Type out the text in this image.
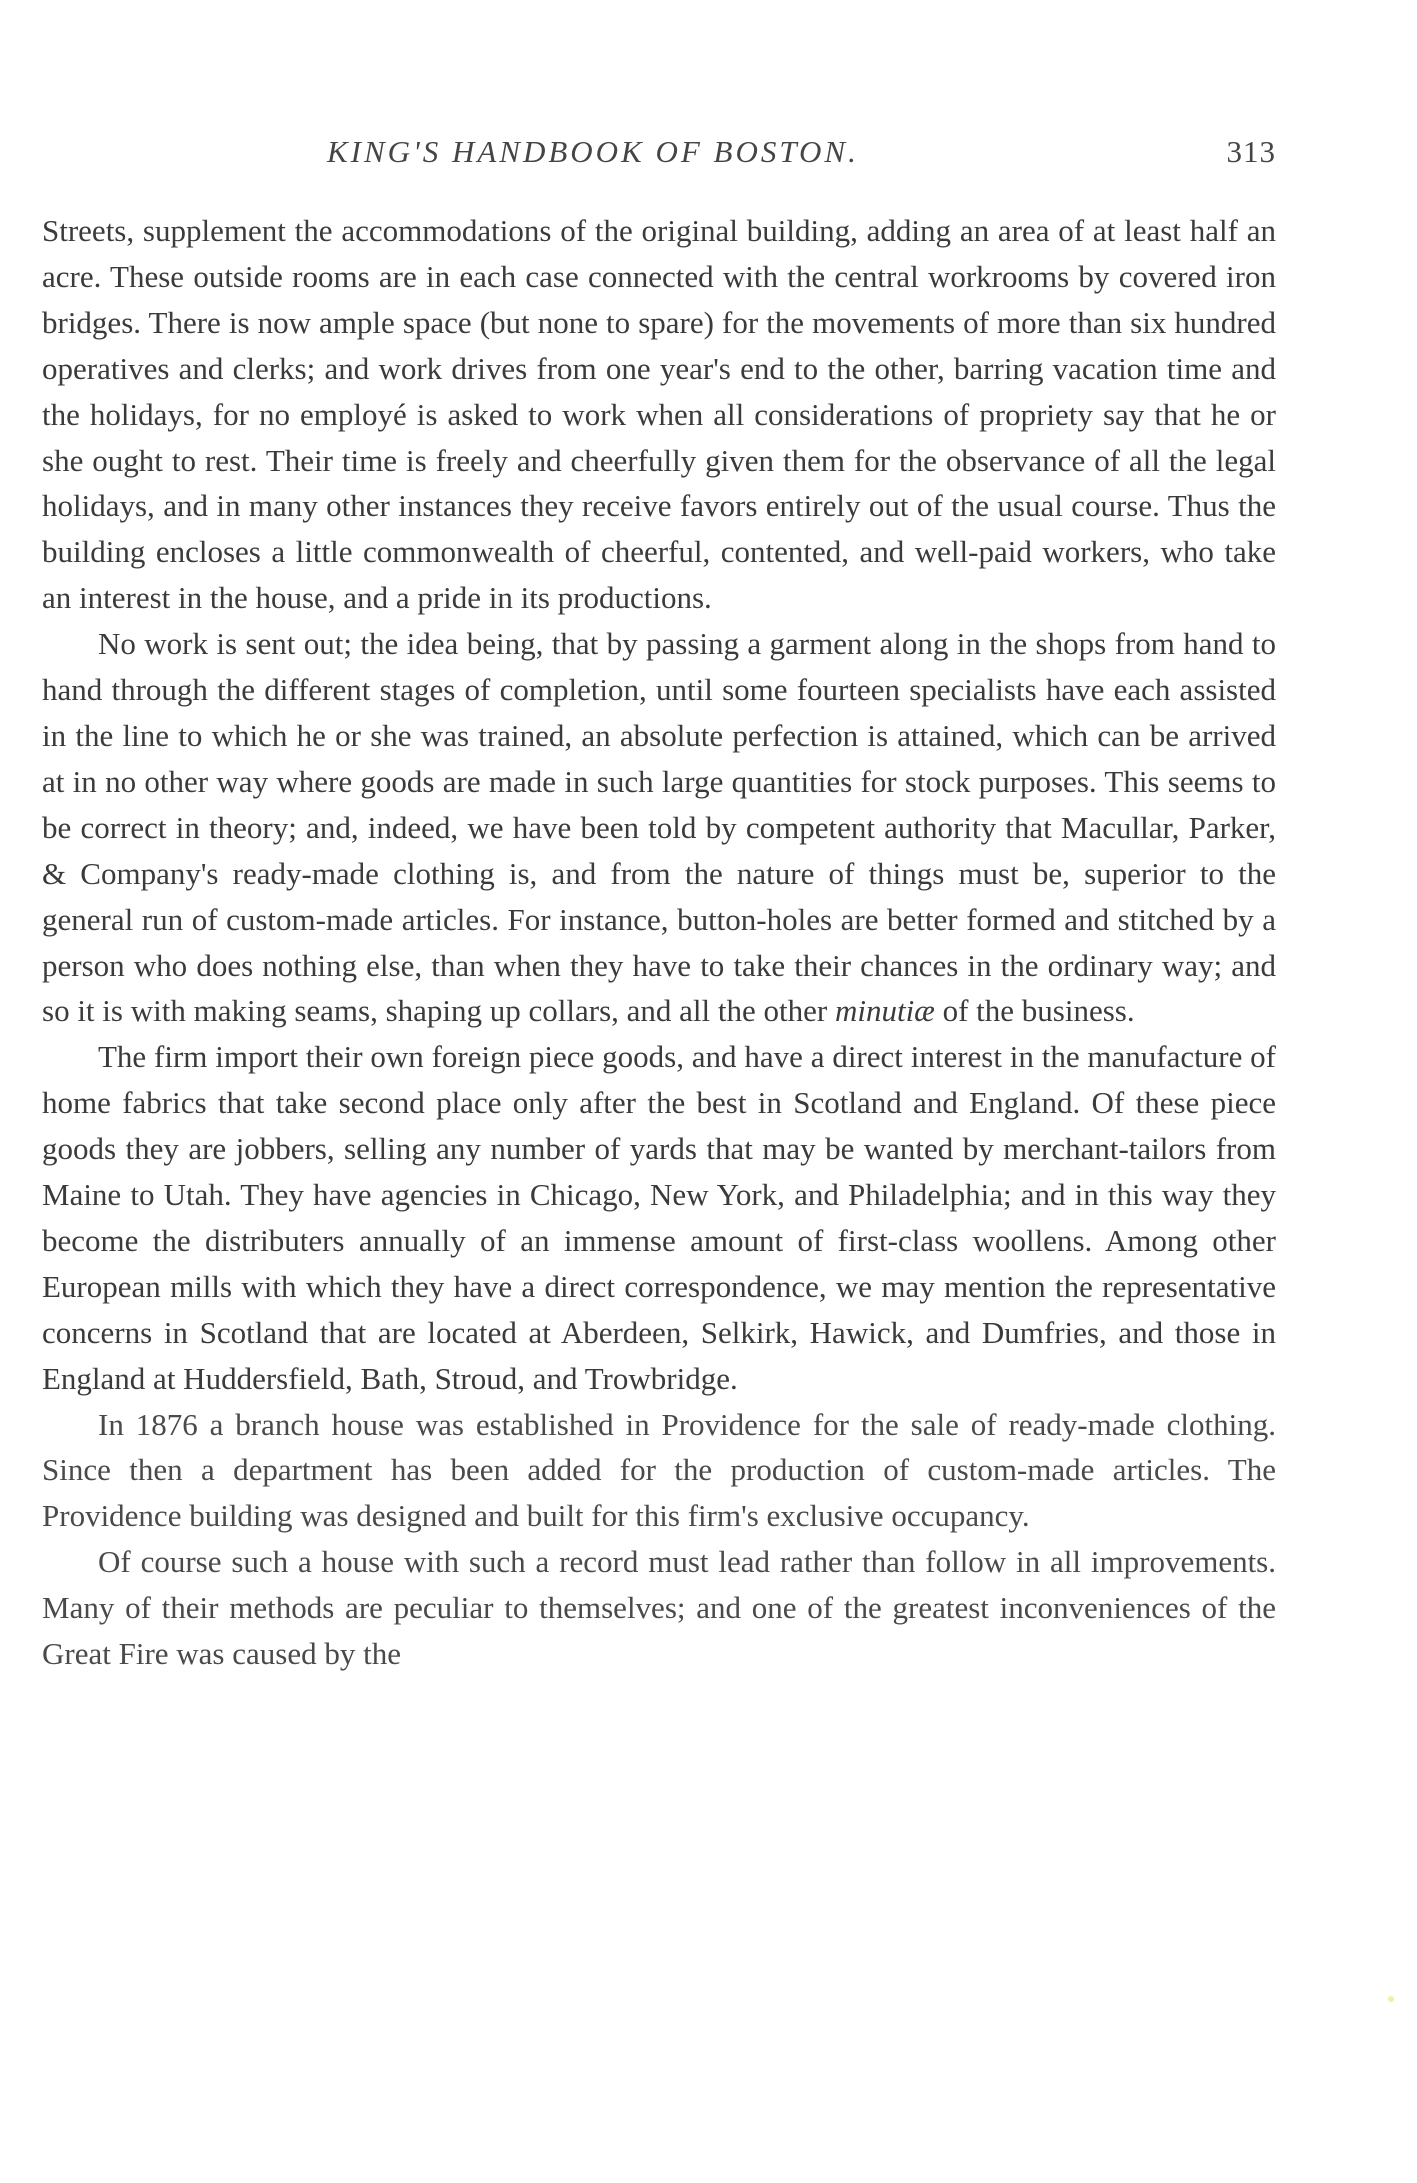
KING'S HANDBOOK OF BOSTON.	313

Streets, supplement the accommodations of the original building, adding an area of at least half an acre. These outside rooms are in each case connected with the central workrooms by covered iron bridges. There is now ample space (but none to spare) for the movements of more than six hundred operatives and clerks; and work drives from one year's end to the other, barring vacation time and the holidays, for no employé is asked to work when all considerations of propriety say that he or she ought to rest. Their time is freely and cheerfully given them for the observance of all the legal holidays, and in many other instances they receive favors entirely out of the usual course. Thus the building encloses a little commonwealth of cheerful, contented, and well-paid workers, who take an interest in the house, and a pride in its productions.

No work is sent out; the idea being, that by passing a garment along in the shops from hand to hand through the different stages of completion, until some fourteen specialists have each assisted in the line to which he or she was trained, an absolute perfection is attained, which can be arrived at in no other way where goods are made in such large quantities for stock purposes. This seems to be correct in theory; and, indeed, we have been told by competent authority that Macullar, Parker, & Company's ready-made clothing is, and from the nature of things must be, superior to the general run of custom-made articles. For instance, button-holes are better formed and stitched by a person who does nothing else, than when they have to take their chances in the ordinary way; and so it is with making seams, shaping up collars, and all the other minutiæ of the business.

The firm import their own foreign piece goods, and have a direct interest in the manufacture of home fabrics that take second place only after the best in Scotland and England. Of these piece goods they are jobbers, selling any number of yards that may be wanted by merchant-tailors from Maine to Utah. They have agencies in Chicago, New York, and Philadelphia; and in this way they become the distributers annually of an immense amount of first-class woollens. Among other European mills with which they have a direct correspondence, we may mention the representative concerns in Scotland that are located at Aberdeen, Selkirk, Hawick, and Dumfries, and those in England at Huddersfield, Bath, Stroud, and Trowbridge.

In 1876 a branch house was established in Providence for the sale of ready-made clothing. Since then a department has been added for the production of custom-made articles. The Providence building was designed and built for this firm's exclusive occupancy.

Of course such a house with such a record must lead rather than follow in all improvements. Many of their methods are peculiar to themselves; and one of the greatest inconveniences of the Great Fire was caused by the
